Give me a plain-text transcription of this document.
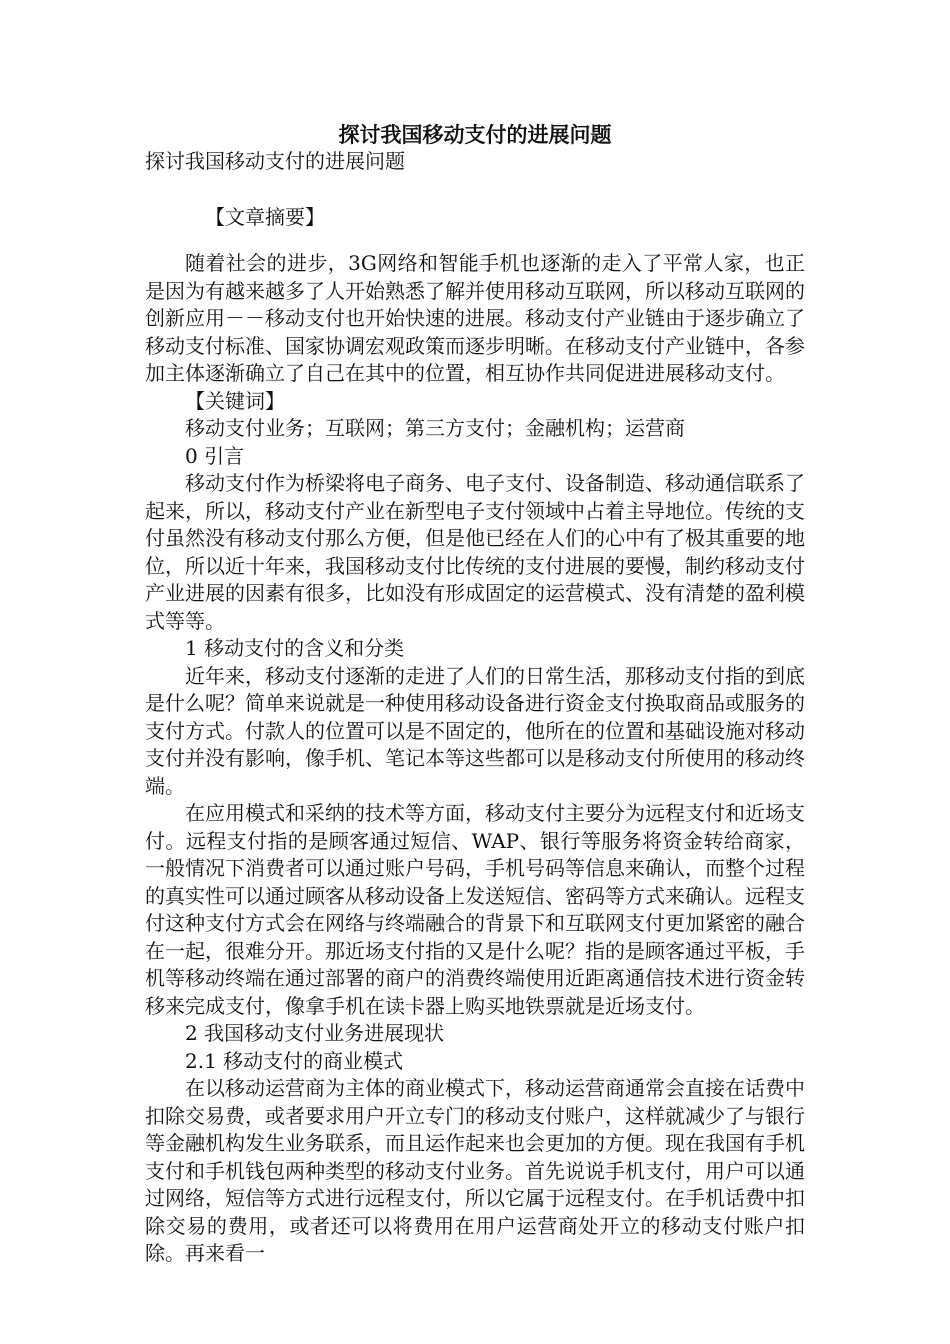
探讨我国移动支付的进展问题

探讨我国移动支付的进展问题

【文章摘要】

随着社会的进步，3G网络和智能手机也逐渐的走入了平常人家，也正是因为有越来越多了人开始熟悉了解并使用移动互联网，所以移动互联网的创新应用－－移动支付也开始快速的进展。移动支付产业链由于逐步确立了移动支付标准、国家协调宏观政策而逐步明晰。在移动支付产业链中，各参加主体逐渐确立了自己在其中的位置，相互协作共同促进进展移动支付。

【关键词】

移动支付业务；互联网；第三方支付；金融机构；运营商

0 引言

移动支付作为桥梁将电子商务、电子支付、设备制造、移动通信联系了起来，所以，移动支付产业在新型电子支付领域中占着主导地位。传统的支付虽然没有移动支付那么方便，但是他已经在人们的心中有了极其重要的地位，所以近十年来，我国移动支付比传统的支付进展的要慢，制约移动支付产业进展的因素有很多，比如没有形成固定的运营模式、没有清楚的盈利模式等等。

1 移动支付的含义和分类

近年来，移动支付逐渐的走进了人们的日常生活，那移动支付指的到底是什么呢？简单来说就是一种使用移动设备进行资金支付换取商品或服务的支付方式。付款人的位置可以是不固定的，他所在的位置和基础设施对移动支付并没有影响，像手机、笔记本等这些都可以是移动支付所使用的移动终端。

在应用模式和采纳的技术等方面，移动支付主要分为远程支付和近场支付。远程支付指的是顾客通过短信、WAP、银行等服务将资金转给商家，一般情况下消费者可以通过账户号码，手机号码等信息来确认，而整个过程的真实性可以通过顾客从移动设备上发送短信、密码等方式来确认。远程支付这种支付方式会在网络与终端融合的背景下和互联网支付更加紧密的融合在一起，很难分开。那近场支付指的又是什么呢？指的是顾客通过平板，手机等移动终端在通过部署的商户的消费终端使用近距离通信技术进行资金转移来完成支付，像拿手机在读卡器上购买地铁票就是近场支付。

2 我国移动支付业务进展现状

2.1 移动支付的商业模式

在以移动运营商为主体的商业模式下，移动运营商通常会直接在话费中扣除交易费，或者要求用户开立专门的移动支付账户，这样就减少了与银行等金融机构发生业务联系，而且运作起来也会更加的方便。现在我国有手机支付和手机钱包两种类型的移动支付业务。首先说说手机支付，用户可以通过网络，短信等方式进行远程支付，所以它属于远程支付。在手机话费中扣除交易的费用，或者还可以将费用在用户运营商处开立的移动支付账户扣除。再来看一
